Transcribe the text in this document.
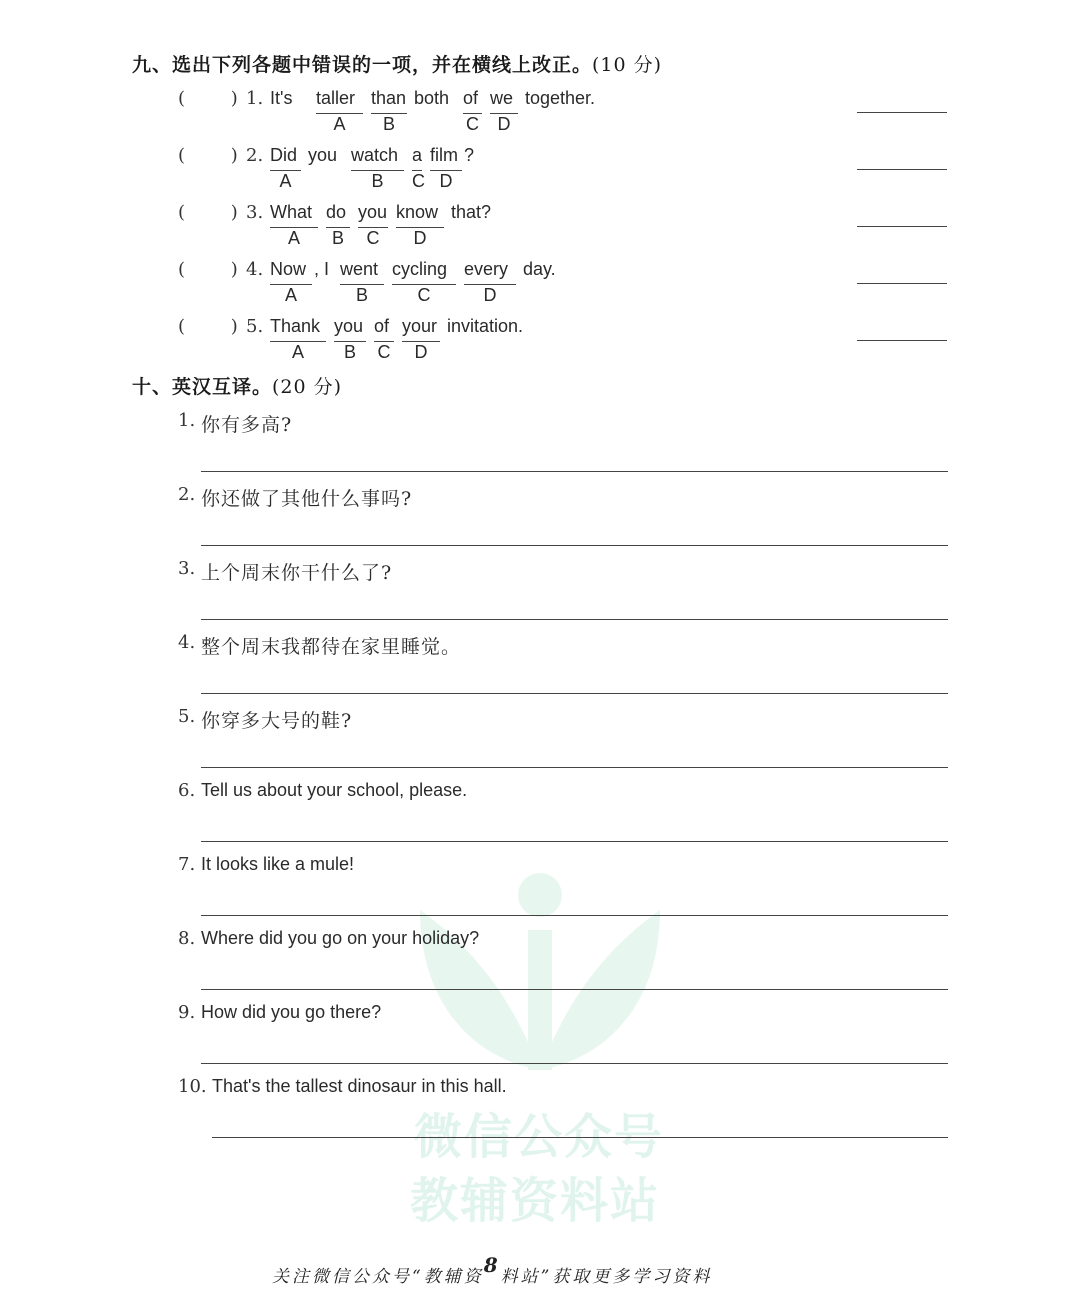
微信公众号
教辅资料站
九、选出下列各题中错误的一项，并在横线上改正。(10 分)
(        ) 1. It's taller
A

than
B
both of
C

we
D
together.
(        ) 2. Did
A
you watch
B

a
C

film
D
?
(        ) 3. What
A

do
B

you
C

know
D
that?
(        ) 4. Now
A
, I went
B

cycling
C

every
D
day.
(        ) 5. Thank
A

you
B

of
C

your
D
invitation.
十、英汉互译。(20 分)
1. 你有多高?
2. 你还做了其他什么事吗?
3. 上个周末你干什么了?
4. 整个周末我都待在家里睡觉。
5. 你穿多大号的鞋?
6. Tell us about your school, please.
7. It looks like a mule!
8. Where did you go on your holiday?
9. How did you go there?
10. That's the tallest dinosaur in this hall.
关注微信公众号“教辅资8料站”获取更多学习资料
